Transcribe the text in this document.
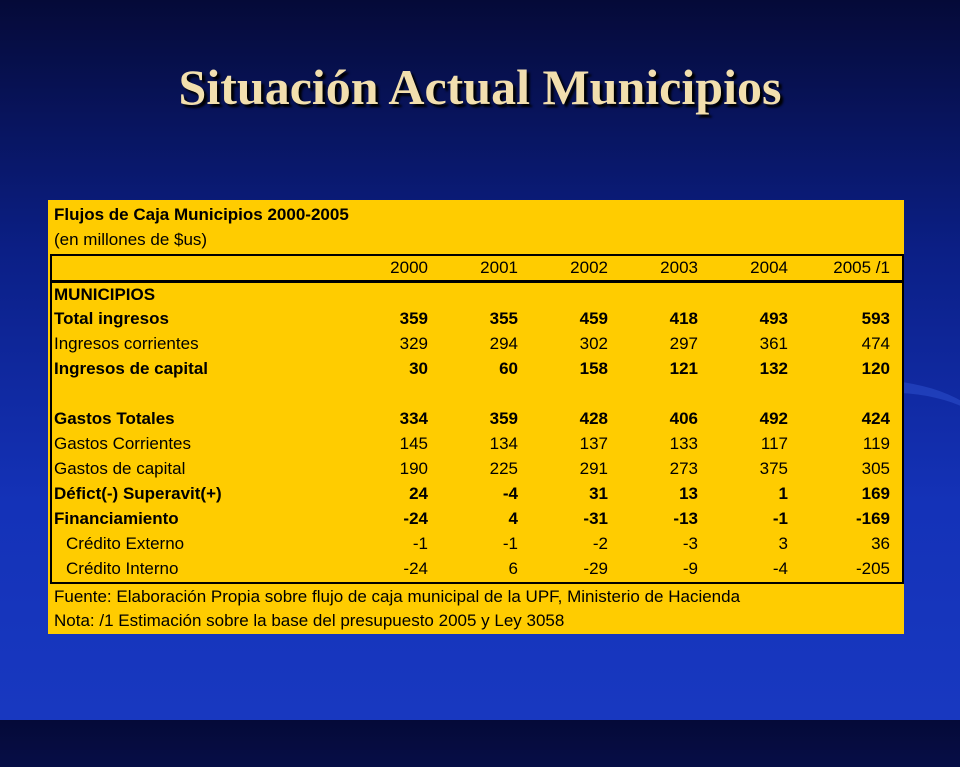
Situación Actual Municipios
Flujos de Caja Municipios 2000-2005
(en millones de $us)
2000	2001	2002	2003	2004	2005 /1
MUNICIPIOS
Total ingresos	359	355	459	418	493	593
Ingresos corrientes	329	294	302	297	361	474
Ingresos de capital	30	60	158	121	132	120
Gastos Totales	334	359	428	406	492	424
Gastos Corrientes	145	134	137	133	117	119
Gastos de capital	190	225	291	273	375	305
Défict(-) Superavit(+)	24	-4	31	13	1	169
Financiamiento	-24	4	-31	-13	-1	-169
Crédito Externo	-1	-1	-2	-3	3	36
Crédito Interno	-24	6	-29	-9	-4	-205
Fuente: Elaboración Propia sobre flujo de caja municipal de la UPF, Ministerio de Hacienda
Nota: /1 Estimación sobre la base del presupuesto 2005 y Ley 3058
